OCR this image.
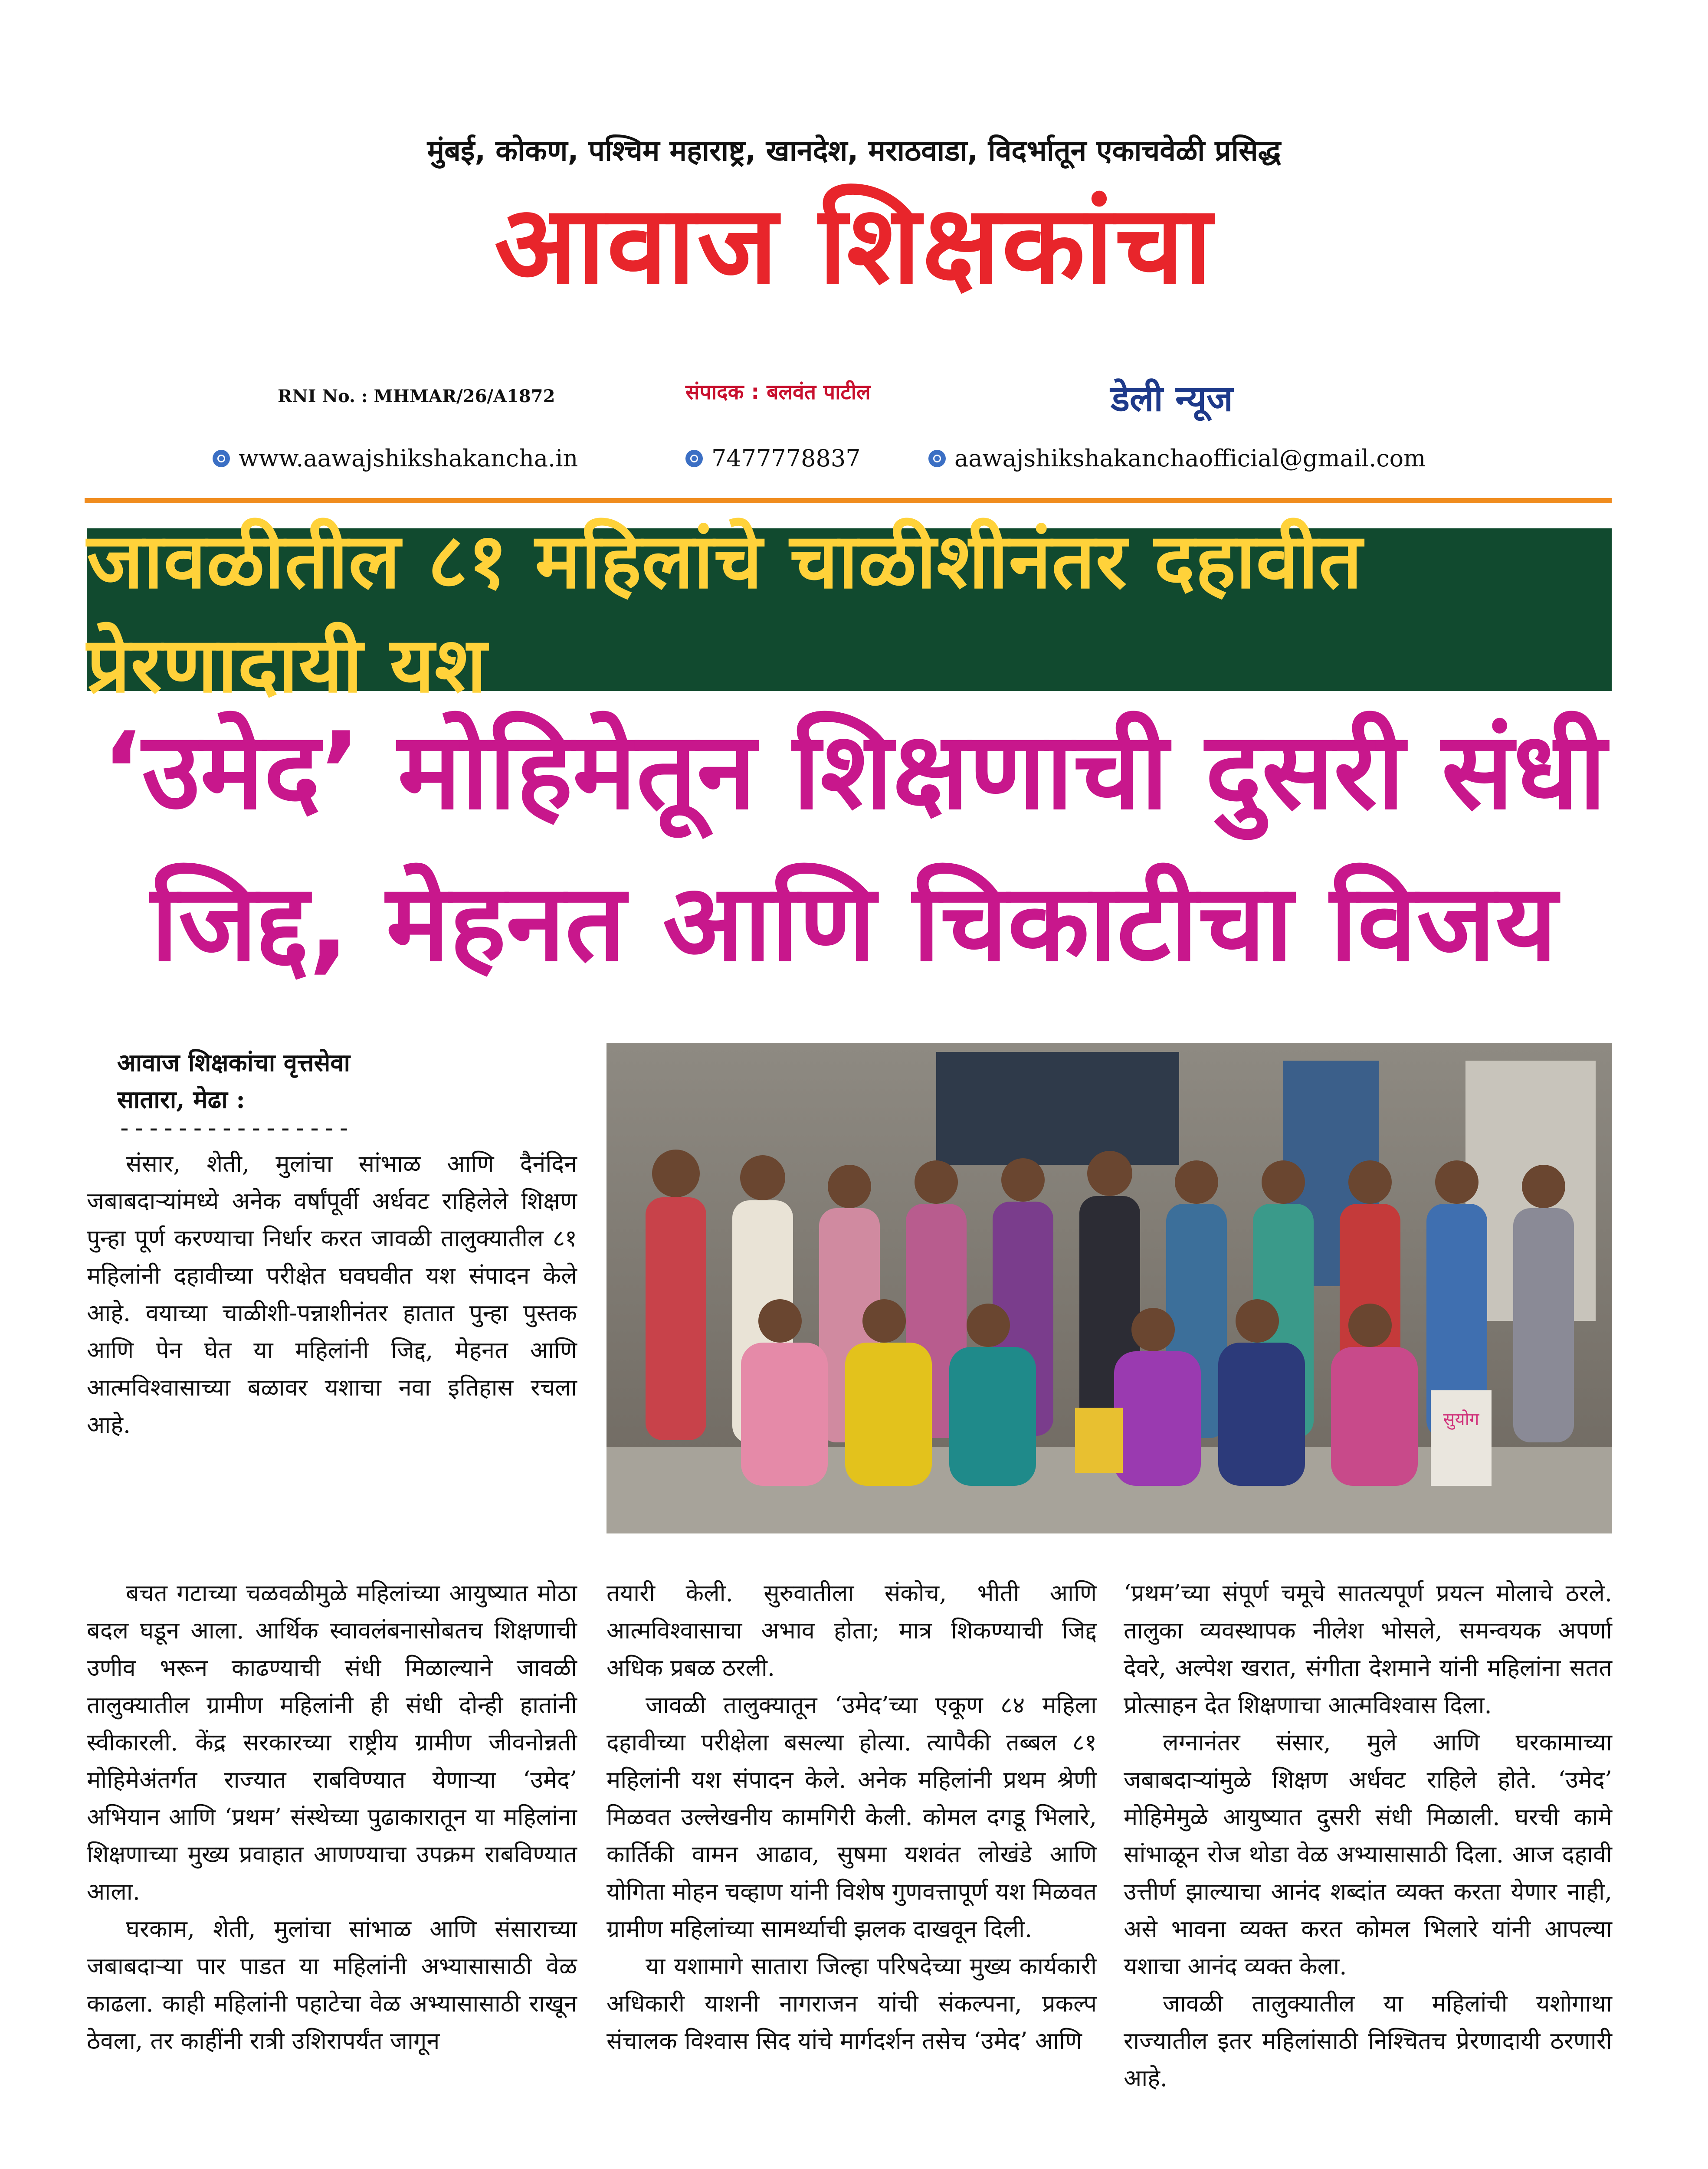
मुंबई, कोकण, पश्चिम महाराष्ट्र, खानदेश, मराठवाडा, विदर्भातून एकाचवेळी प्रसिद्ध
आवाज शिक्षकांचा
RNI No. : MHMAR/26/A1872	संपादक : बलवंत पाटील	डेली न्यूज
www.aawajshikshakancha.in	7477778837	aawajshikshakanchaofficial@gmail.com
जावळीतील ८१ महिलांचे चाळीशीनंतर दहावीत प्रेरणादायी यश
‘उमेद’ मोहिमेतून शिक्षणाची दुसरी संधी
जिद्द, मेहनत आणि चिकाटीचा विजय
सुयोग
आवाज शिक्षकांचा वृत्तसेवा
सातारा, मेढा :
----------------

संसार, शेती, मुलांचा सांभाळ आणि दैनंदिन जबाबदाऱ्यांमध्ये अनेक वर्षांपूर्वी अर्धवट राहिलेले शिक्षण पुन्हा पूर्ण करण्याचा निर्धार करत जावळी तालुक्यातील ८१ महिलांनी दहावीच्या परीक्षेत घवघवीत यश संपादन केले आहे. वयाच्या चाळीशी-पन्नाशीनंतर हातात पुन्हा पुस्तक आणि पेन घेत या महिलांनी जिद्द, मेहनत आणि आत्मविश्वासाच्या बळावर यशाचा नवा इतिहास रचला आहे.

बचत गटाच्या चळवळीमुळे महिलांच्या आयुष्यात मोठा बदल घडून आला. आर्थिक स्वावलंबनासोबतच शिक्षणाची उणीव भरून काढण्याची संधी मिळाल्याने जावळी तालुक्यातील ग्रामीण महिलांनी ही संधी दोन्ही हातांनी स्वीकारली. केंद्र सरकारच्या राष्ट्रीय ग्रामीण जीवनोन्नती मोहिमेअंतर्गत राज्यात राबविण्यात येणाऱ्या ‘उमेद’ अभियान आणि ‘प्रथम’ संस्थेच्या पुढाकारातून या महिलांना शिक्षणाच्या मुख्य प्रवाहात आणण्याचा उपक्रम राबविण्यात आला.

घरकाम, शेती, मुलांचा सांभाळ आणि संसाराच्या जबाबदाऱ्या पार पाडत या महिलांनी अभ्यासासाठी वेळ काढला. काही महिलांनी पहाटेचा वेळ अभ्यासासाठी राखून ठेवला, तर काहींनी रात्री उशिरापर्यंत जागून

तयारी केली. सुरुवातीला संकोच, भीती आणि आत्मविश्वासाचा अभाव होता; मात्र शिकण्याची जिद्द अधिक प्रबळ ठरली.

जावळी तालुक्यातून ‘उमेद’च्या एकूण ८४ महिला दहावीच्या परीक्षेला बसल्या होत्या. त्यापैकी तब्बल ८१ महिलांनी यश संपादन केले. अनेक महिलांनी प्रथम श्रेणी मिळवत उल्लेखनीय कामगिरी केली. कोमल दगडू भिलारे, कार्तिकी वामन आढाव, सुषमा यशवंत लोखंडे आणि योगिता मोहन चव्हाण यांनी विशेष गुणवत्तापूर्ण यश मिळवत ग्रामीण महिलांच्या सामर्थ्याची झलक दाखवून दिली.

या यशामागे सातारा जिल्हा परिषदेच्या मुख्य कार्यकारी अधिकारी याशनी नागराजन यांची संकल्पना, प्रकल्प संचालक विश्वास सिद यांचे मार्गदर्शन तसेच ‘उमेद’ आणि

‘प्रथम’च्या संपूर्ण चमूचे सातत्यपूर्ण प्रयत्न मोलाचे ठरले. तालुका व्यवस्थापक नीलेश भोसले, समन्वयक अपर्णा देवरे, अल्पेश खरात, संगीता देशमाने यांनी महिलांना सतत प्रोत्साहन देत शिक्षणाचा आत्मविश्वास दिला.

लग्नानंतर संसार, मुले आणि घरकामाच्या जबाबदाऱ्यांमुळे शिक्षण अर्धवट राहिले होते. ‘उमेद’ मोहिमेमुळे आयुष्यात दुसरी संधी मिळाली. घरची कामे सांभाळून रोज थोडा वेळ अभ्यासासाठी दिला. आज दहावी उत्तीर्ण झाल्याचा आनंद शब्दांत व्यक्त करता येणार नाही, असे भावना व्यक्त करत कोमल भिलारे यांनी आपल्या यशाचा आनंद व्यक्त केला.

जावळी तालुक्यातील या महिलांची यशोगाथा राज्यातील इतर महिलांसाठी निश्चितच प्रेरणादायी ठरणारी आहे.
